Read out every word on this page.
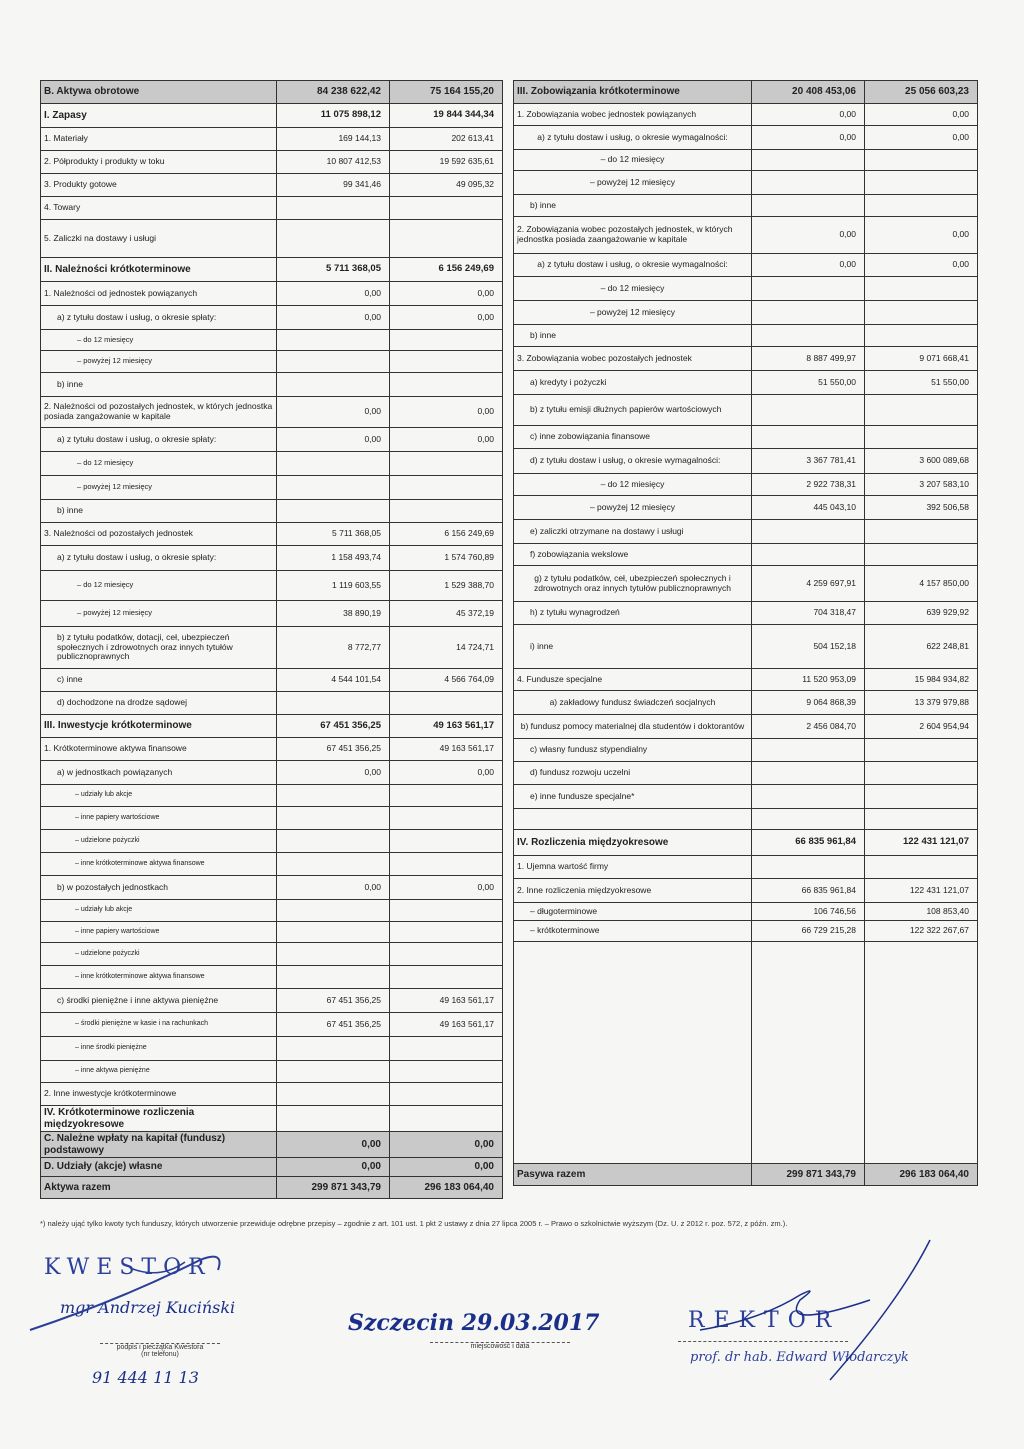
B. Aktywa obrotowe	84 238 622,42	75 164 155,20
I. Zapasy	11 075 898,12	19 844 344,34
1. Materiały	169 144,13	202 613,41
2. Półprodukty i produkty w toku	10 807 412,53	19 592 635,61
3. Produkty gotowe	99 341,46	49 095,32
4. Towary		
5. Zaliczki na dostawy i usługi		
II. Należności krótkoterminowe	5 711 368,05	6 156 249,69
1. Należności od jednostek powiązanych	0,00	0,00
a) z tytułu dostaw i usług, o okresie spłaty:	0,00	0,00
– do 12 miesięcy		
– powyżej 12 miesięcy		
b) inne		
2. Należności od pozostałych jednostek, w których jednostka posiada zangażowanie w kapitale	0,00	0,00
a) z tytułu dostaw i usług, o okresie spłaty:	0,00	0,00
– do 12 miesięcy		
– powyżej 12 miesięcy		
b) inne		
3. Należności od pozostałych jednostek	5 711 368,05	6 156 249,69
a) z tytułu dostaw i usług, o okresie spłaty:	1 158 493,74	1 574 760,89
– do 12 miesięcy	1 119 603,55	1 529 388,70
– powyżej 12 miesięcy	38 890,19	45 372,19
b) z tytułu podatków, dotacji, ceł, ubezpieczeń społecznych i zdrowotnych oraz innych tytułów publicznoprawnych	8 772,77	14 724,71
c) inne	4 544 101,54	4 566 764,09
d) dochodzone na drodze sądowej		
III. Inwestycje krótkoterminowe	67 451 356,25	49 163 561,17
1. Krótkoterminowe aktywa finansowe	67 451 356,25	49 163 561,17
a) w jednostkach powiązanych	0,00	0,00
– udziały lub akcje		
– inne papiery wartościowe		
– udzielone pożyczki		
– inne krótkoterminowe aktywa finansowe		
b) w pozostałych jednostkach	0,00	0,00
– udziały lub akcje		
– inne papiery wartościowe		
– udzielone pożyczki		
– inne krótkoterminowe aktywa finansowe		
c) środki pieniężne i inne aktywa pieniężne	67 451 356,25	49 163 561,17
– środki pieniężne w kasie i na rachunkach	67 451 356,25	49 163 561,17
– inne środki pieniężne		
– inne aktywa pieniężne		
2. Inne inwestycje krótkoterminowe		
IV. Krótkoterminowe rozliczenia międzyokresowe		
C. Należne wpłaty na kapitał (fundusz) podstawowy	0,00	0,00
D. Udziały (akcje) własne	0,00	0,00
Aktywa razem	299 871 343,79	296 183 064,40
III. Zobowiązania krótkoterminowe	20 408 453,06	25 056 603,23
1. Zobowiązania wobec jednostek powiązanych	0,00	0,00
a) z tytułu dostaw i usług, o okresie wymagalności:	0,00	0,00
– do 12 miesięcy		
– powyżej 12 miesięcy		
b) inne		
2. Zobowiązania wobec pozostałych jednostek, w których jednostka posiada zaangażowanie w kapitale	0,00	0,00
a) z tytułu dostaw i usług, o okresie wymagalności:	0,00	0,00
– do 12 miesięcy		
– powyżej 12 miesięcy		
b) inne		
3. Zobowiązania wobec pozostałych jednostek	8 887 499,97	9 071 668,41
a) kredyty i pożyczki	51 550,00	51 550,00
b) z tytułu emisji dłużnych papierów wartościowych		
c) inne zobowiązania finansowe		
d) z tytułu dostaw i usług, o okresie wymagalności:	3 367 781,41	3 600 089,68
– do 12 miesięcy	2 922 738,31	3 207 583,10
– powyżej 12 miesięcy	445 043,10	392 506,58
e) zaliczki otrzymane na dostawy i usługi		
f) zobowiązania wekslowe		
g) z tytułu podatków, ceł, ubezpieczeń społecznych i zdrowotnych oraz innych tytułów publicznoprawnych	4 259 697,91	4 157 850,00
h) z tytułu wynagrodzeń	704 318,47	639 929,92
i) inne	504 152,18	622 248,81
4. Fundusze specjalne	11 520 953,09	15 984 934,82
a) zakładowy fundusz świadczeń socjalnych	9 064 868,39	13 379 979,88
b) fundusz pomocy materialnej dla studentów i doktorantów	2 456 084,70	2 604 954,94
c) własny fundusz stypendialny		
d) fundusz rozwoju uczelni		
e) inne fundusze specjalne*		

IV. Rozliczenia międzyokresowe	66 835 961,84	122 431 121,07
1. Ujemna wartość firmy		
2. Inne rozliczenia międzyokresowe	66 835 961,84	122 431 121,07
– długoterminowe	106 746,56	108 853,40
– krótkoterminowe	66 729 215,28	122 322 267,67

Pasywa razem	299 871 343,79	296 183 064,40
*) należy ująć tylko kwoty tych funduszy, których utworzenie przewiduje odrębne przepisy – zgodnie z art. 101 ust. 1 pkt 2 ustawy z dnia 27 lipca 2005 r. – Prawo o szkolnictwie wyższym (Dz. U. z 2012 r. poz. 572, z późn. zm.).
KWESTOR
mgr Andrzej Kuciński
podpis i pieczątka Kwestora
(nr telefonu)
91 444 11 13
Szczecin 29.03.2017
miejscowość i data
REKTOR
prof. dr hab. Edward Włodarczyk
